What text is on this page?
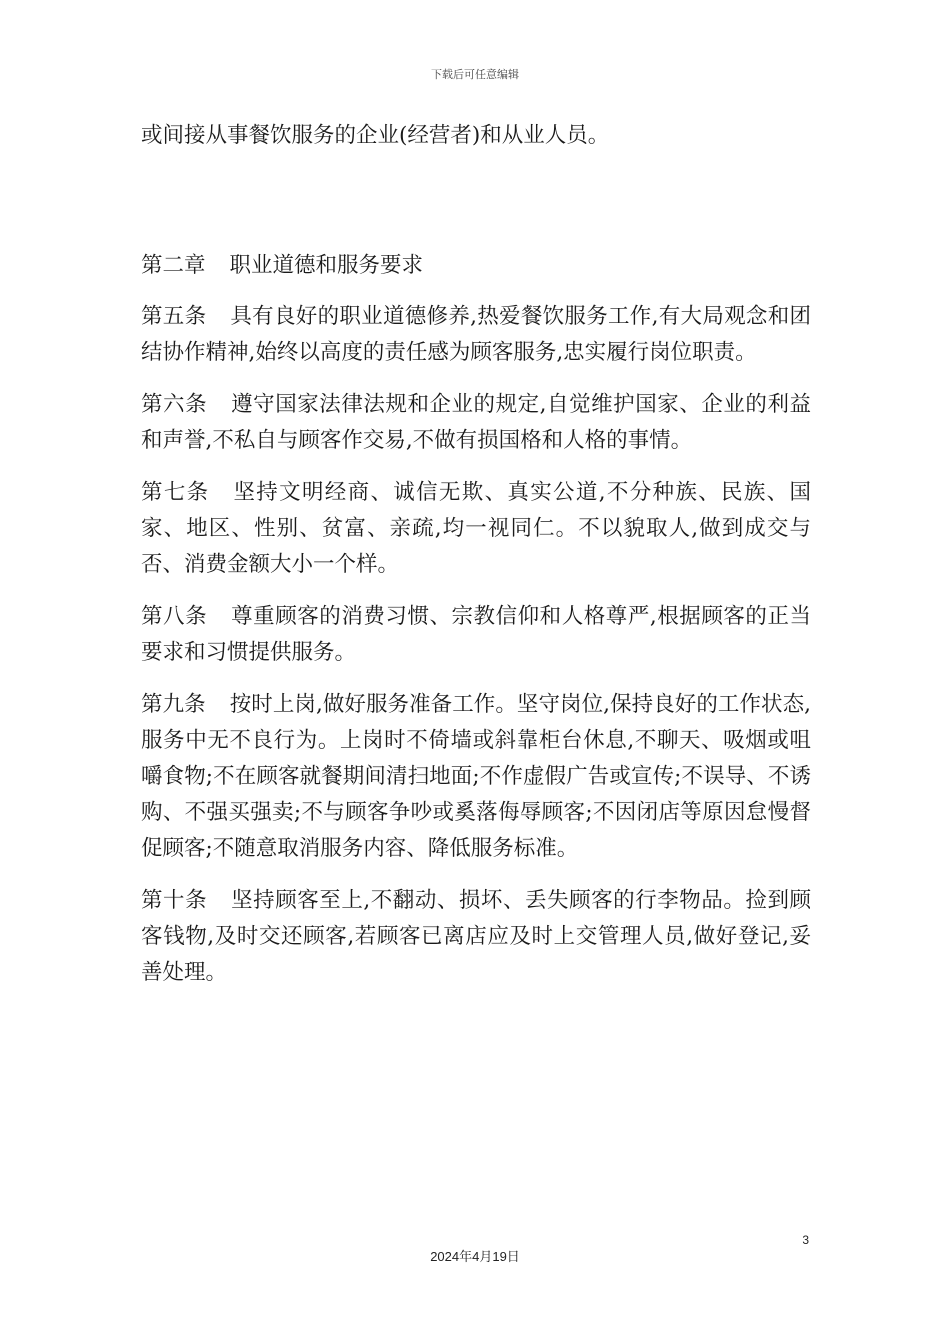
下载后可任意编辑

或间接从事餐饮服务的企业(经营者)和从业人员。

第二章 职业道德和服务要求

第五条 具有良好的职业道德修养,热爱餐饮服务工作,有大局观念和团结协作精神,始终以高度的责任感为顾客服务,忠实履行岗位职责。

第六条 遵守国家法律法规和企业的规定,自觉维护国家、企业的利益和声誉,不私自与顾客作交易,不做有损国格和人格的事情。

第七条 坚持文明经商、诚信无欺、真实公道,不分种族、民族、国家、地区、性别、贫富、亲疏,均一视同仁。不以貌取人,做到成交与否、消费金额大小一个样。

第八条 尊重顾客的消费习惯、宗教信仰和人格尊严,根据顾客的正当要求和习惯提供服务。

第九条 按时上岗,做好服务准备工作。坚守岗位,保持良好的工作状态,服务中无不良行为。上岗时不倚墙或斜靠柜台休息,不聊天、吸烟或咀嚼食物;不在顾客就餐期间清扫地面;不作虚假广告或宣传;不误导、不诱购、不强买强卖;不与顾客争吵或奚落侮辱顾客;不因闭店等原因怠慢督促顾客;不随意取消服务内容、降低服务标准。

第十条 坚持顾客至上,不翻动、损坏、丢失顾客的行李物品。捡到顾客钱物,及时交还顾客,若顾客已离店应及时上交管理人员,做好登记,妥善处理。

3
2024年4月19日
